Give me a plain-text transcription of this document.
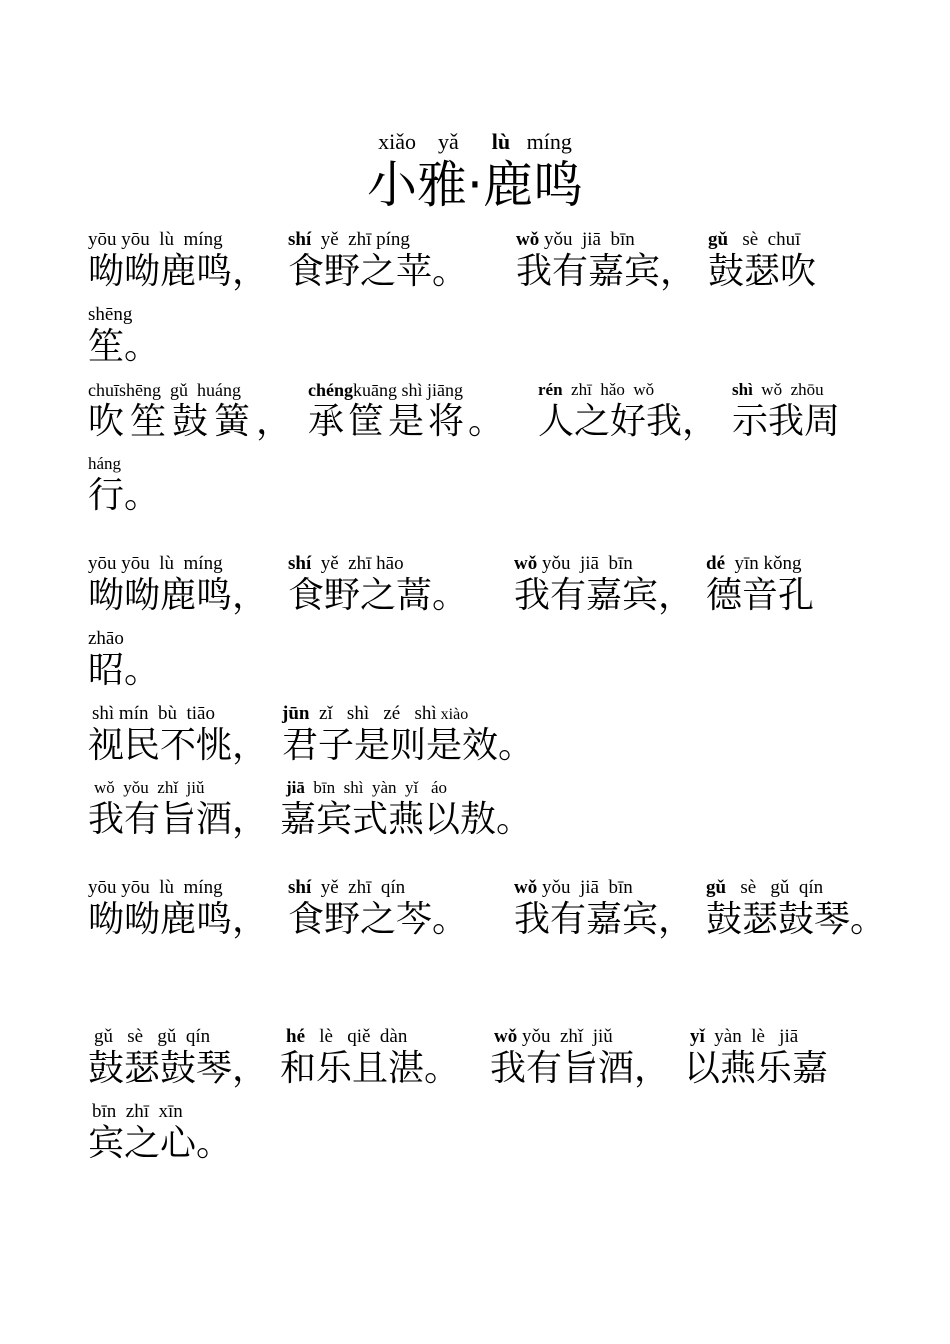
xiǎo yǎ lù míng
小雅·鹿鸣
yōu yōu  lù  míng
呦呦鹿鸣，
shí  yě  zhī píng
食野之苹。
wǒ yǒu  jiā  bīn
我有嘉宾，
gǔ   sè  chuī
鼓瑟吹
shēng
笙。
chuīshēng  gǔ  huáng
吹笙鼓簧，
chéngkuāng shì jiāng
承筐是将。
rén  zhī  hǎo  wǒ
人之好我，
shì  wǒ  zhōu
示我周
háng
行。
yōu yōu  lù  míng
呦呦鹿鸣，
shí  yě  zhī hāo
食野之蒿。
wǒ yǒu  jiā  bīn
我有嘉宾，
dé  yīn kǒng
德音孔
zhāo
昭。
shì mín  bù  tiāo
视民不恌，
jūn  zǐ   shì   zé   shì xiào
君子是则是效。
wǒ  yǒu  zhǐ  jiǔ
我有旨酒，
jiā  bīn  shì  yàn  yǐ   áo
嘉宾式燕以敖。
yōu yōu  lù  míng
呦呦鹿鸣，
shí  yě  zhī  qín
食野之芩。
wǒ yǒu  jiā  bīn
我有嘉宾，
gǔ   sè   gǔ  qín
鼓瑟鼓琴。
gǔ   sè   gǔ  qín
鼓瑟鼓琴，
hé   lè   qiě  dàn
和乐且湛。
wǒ yǒu  zhǐ  jiǔ
我有旨酒，
yǐ  yàn  lè   jiā
以燕乐嘉
bīn  zhī  xīn
宾之心。
